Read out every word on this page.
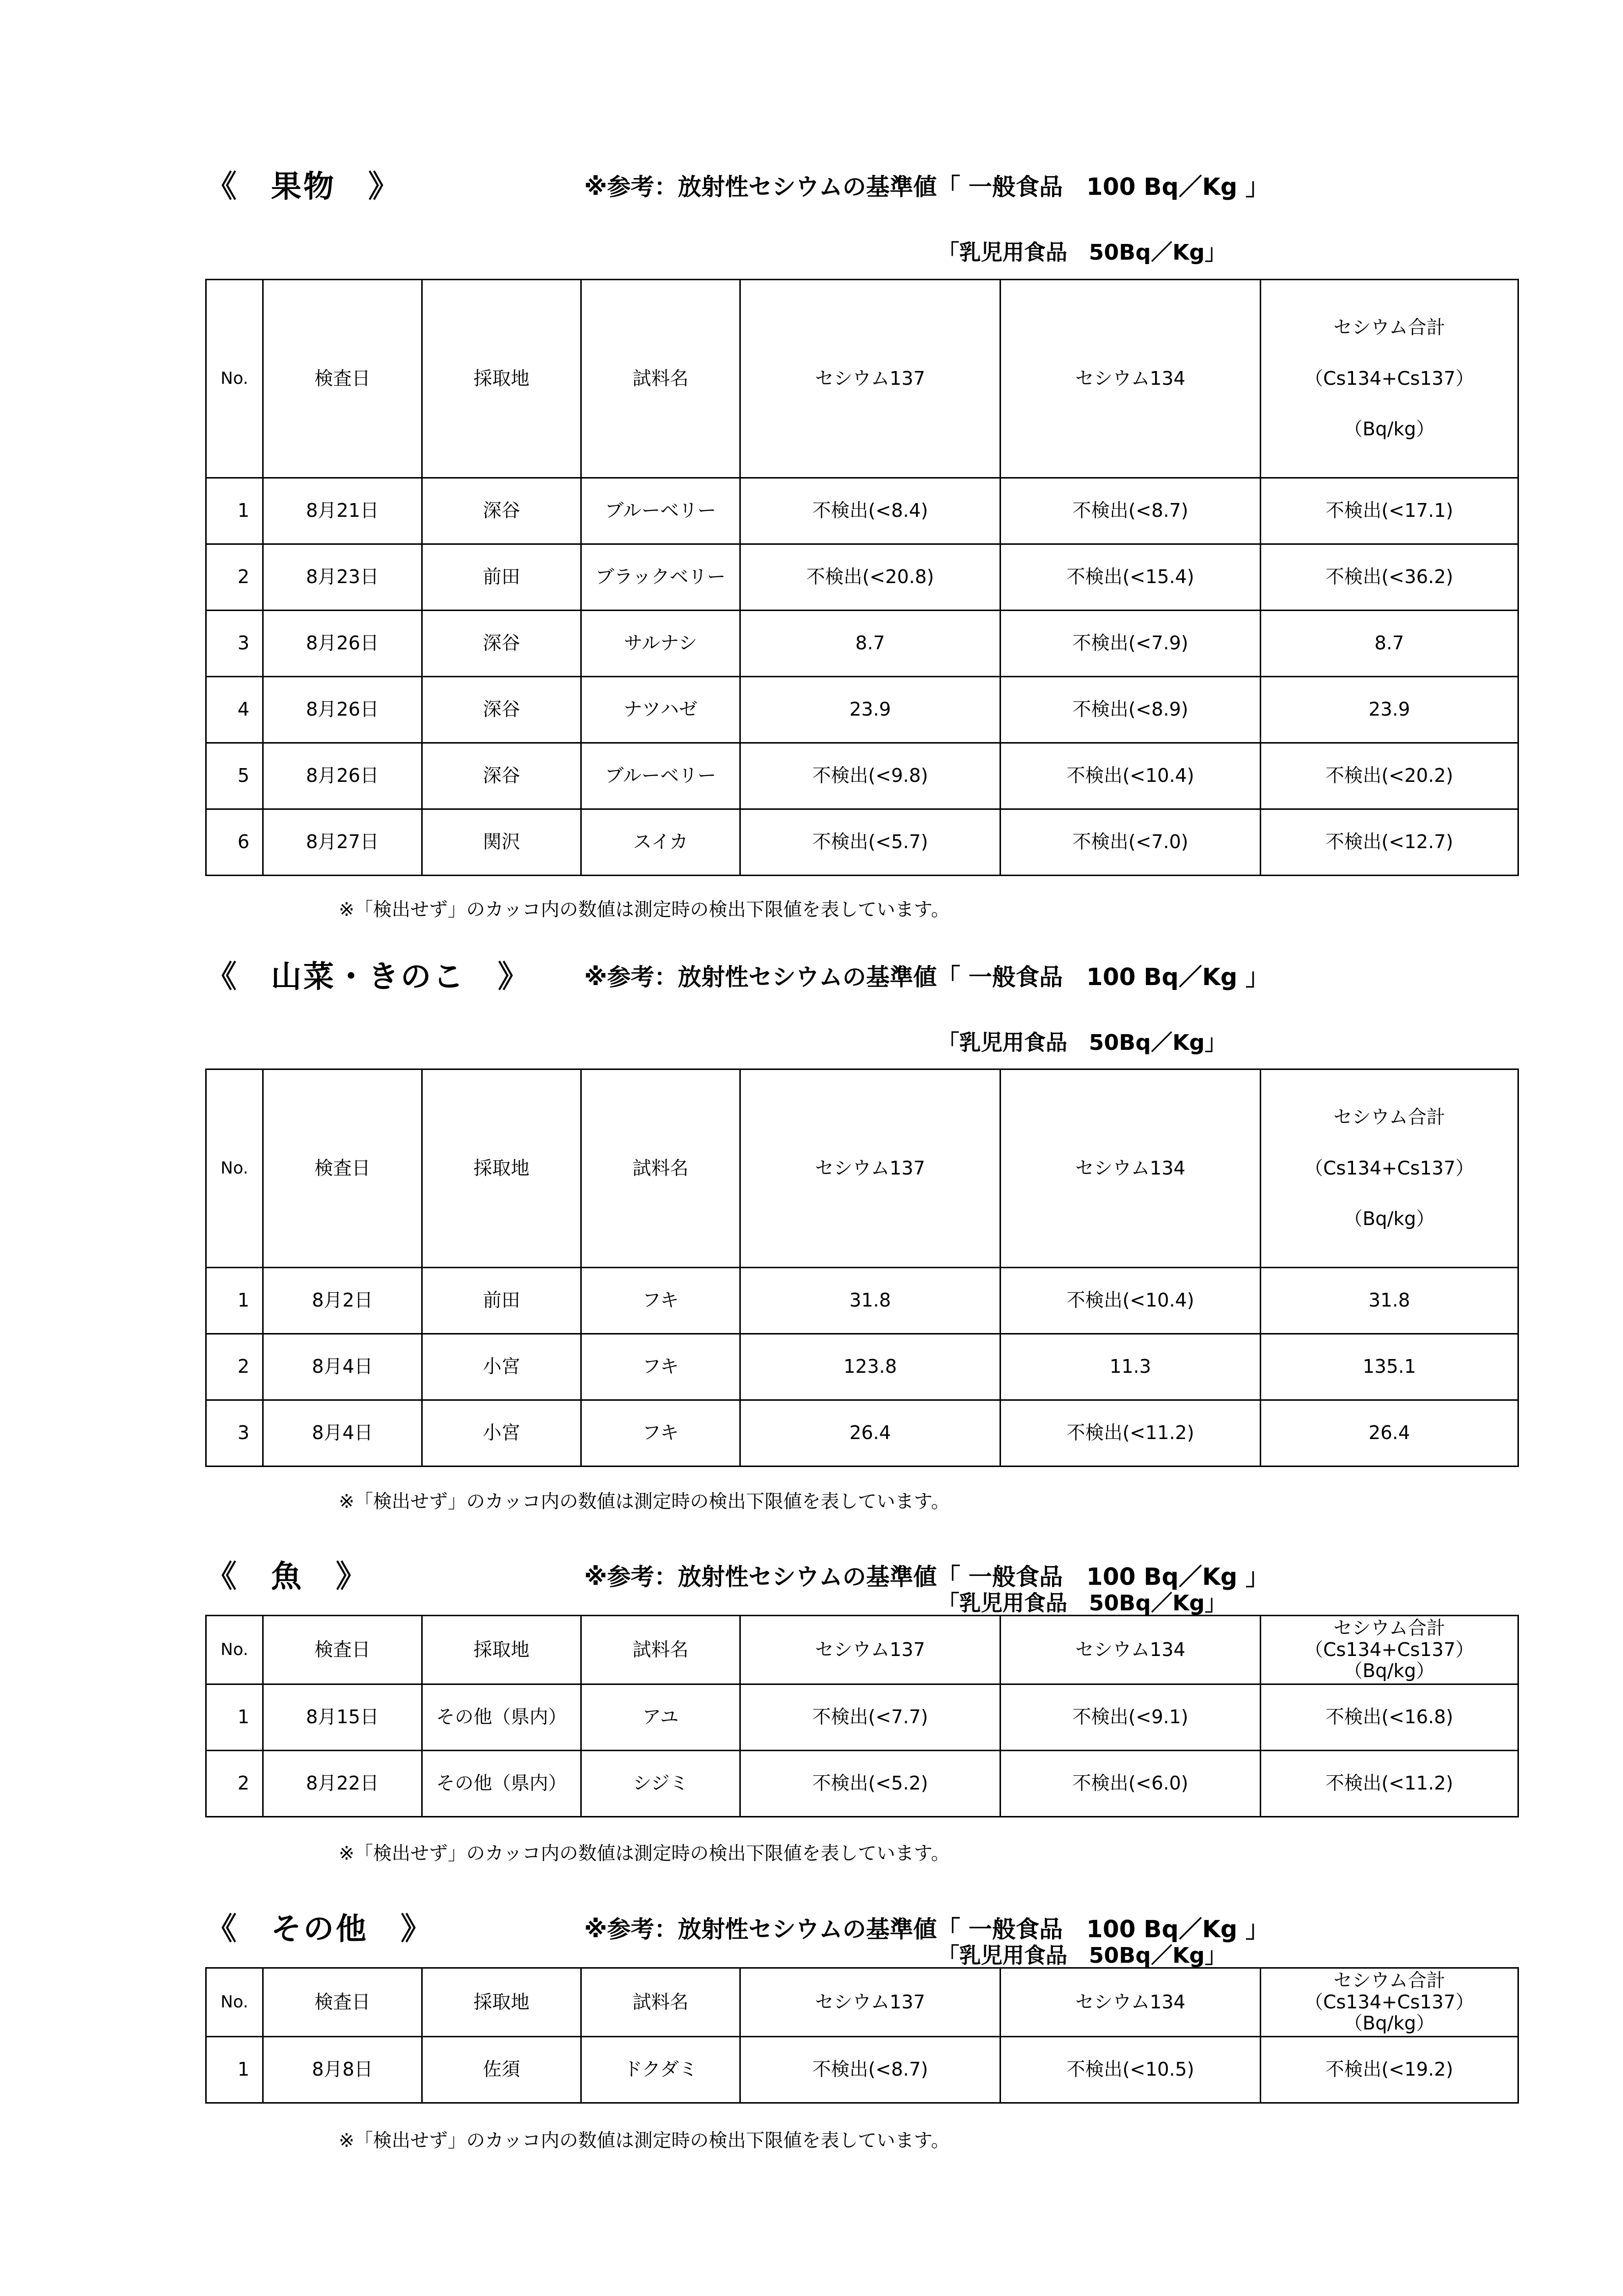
《　果物　》	※参考：放射性セシウムの基準値「 一般食品　100 Bq／Kg 」
「乳児用食品　50Bq／Kg」
No.	検査日	採取地	試料名	セシウム137	セシウム134	セシウム合計
（Cs134+Cs137）
（Bq/kg）

1	8月21日	深谷	ブルーベリー	不検出(<8.4)	不検出(<8.7)	不検出(<17.1)
2	8月23日	前田	ブラックベリー	不検出(<20.8)	不検出(<15.4)	不検出(<36.2)
3	8月26日	深谷	サルナシ	8.7	不検出(<7.9)	8.7
4	8月26日	深谷	ナツハゼ	23.9	不検出(<8.9)	23.9
5	8月26日	深谷	ブルーベリー	不検出(<9.8)	不検出(<10.4)	不検出(<20.2)
6	8月27日	関沢	スイカ	不検出(<5.7)	不検出(<7.0)	不検出(<12.7)
※「検出せず」のカッコ内の数値は測定時の検出下限値を表しています。
《　山菜・きのこ　》 ※参考：放射性セシウムの基準値「 一般食品　100 Bq／Kg 」
「乳児用食品　50Bq／Kg」
No.	検査日	採取地	試料名	セシウム137	セシウム134	セシウム合計
（Cs134+Cs137）
（Bq/kg）

1	8月2日	前田	フキ	31.8	不検出(<10.4)	31.8
2	8月4日	小宮	フキ	123.8	11.3	135.1
3	8月4日	小宮	フキ	26.4	不検出(<11.2)	26.4
※「検出せず」のカッコ内の数値は測定時の検出下限値を表しています。
《　魚　》	※参考：放射性セシウムの基準値「 一般食品　100 Bq／Kg 」
「乳児用食品　50Bq／Kg」
No.	検査日	採取地	試料名	セシウム137	セシウム134	セシウム合計
（Cs134+Cs137）
（Bq/kg）

1	8月15日	その他（県内）	アユ	不検出(<7.7)	不検出(<9.1)	不検出(<16.8)
2	8月22日	その他（県内）	シジミ	不検出(<5.2)	不検出(<6.0)	不検出(<11.2)
※「検出せず」のカッコ内の数値は測定時の検出下限値を表しています。
《　その他　》	※参考：放射性セシウムの基準値「 一般食品　100 Bq／Kg 」
「乳児用食品　50Bq／Kg」
No.	検査日	採取地	試料名	セシウム137	セシウム134	セシウム合計
（Cs134+Cs137）
（Bq/kg）

1	8月8日	佐須	ドクダミ	不検出(<8.7)	不検出(<10.5)	不検出(<19.2)
※「検出せず」のカッコ内の数値は測定時の検出下限値を表しています。
